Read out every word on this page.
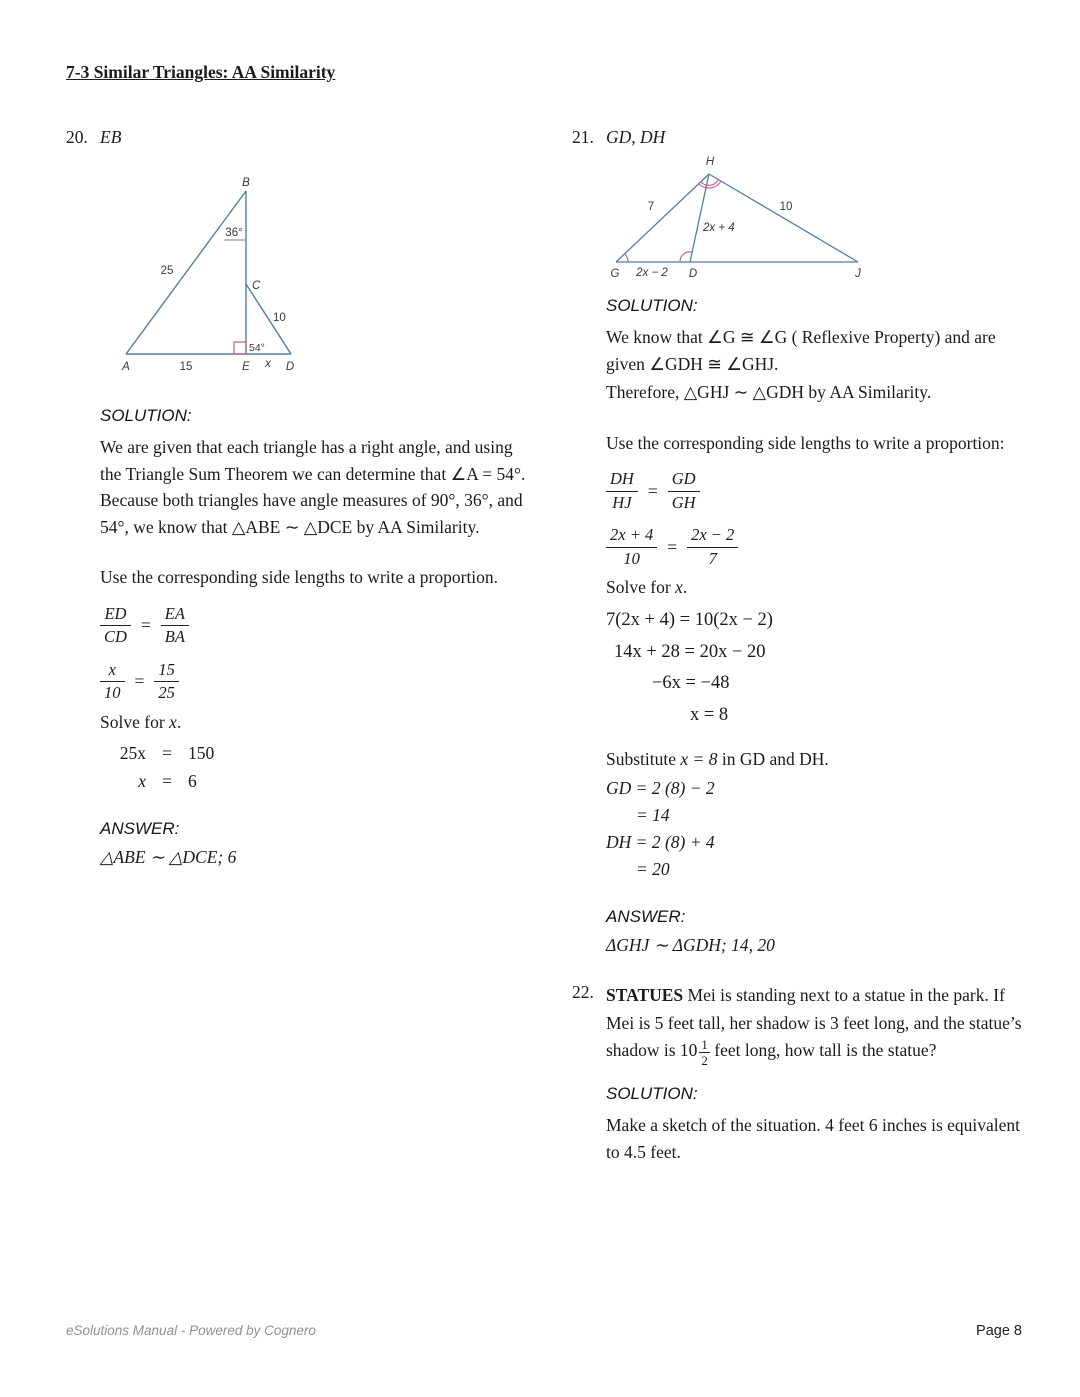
7-3 Similar Triangles: AA Similarity
20. EB
B
36°
25
C
10
54°
A	15	E x D
SOLUTION:
We are given that each triangle has a right angle, and using the Triangle Sum Theorem we can determine that ∠A = 54°. Because both triangles have angle measures of 90°, 36°, and 54°, we know that △ABE ∼ △DCE by AA Similarity.
Use the corresponding side lengths to write a proportion.
$\frac{ED}{CD} = \frac{EA}{BA}$
$\frac{x}{10} = \frac{15}{25}$
Solve for x.
25x = 150
x = 6
ANSWER:
△ABE ∼ △DCE; 6
21. GD, DH
H
7	10
2x + 4
G 2x − 2 D	J
SOLUTION:
We know that ∠G ≅ ∠G ( Reflexive Property) and are given ∠GDH ≅ ∠GHJ.
Therefore, △GHJ ∼ △GDH by AA Similarity.
Use the corresponding side lengths to write a proportion:
$\frac{DH}{HJ} = \frac{GD}{GH}$
$\frac{2x + 4}{10} = \frac{2x - 2}{7}$
Solve for x.
7(2x + 4) = 10(2x − 2)
14x + 28 = 20x − 20
−6x = −48
x = 8
Substitute x = 8 in GD and DH.
GD = 2 (8) − 2
= 14
DH = 2 (8) + 4
= 20
ANSWER:
ΔGHJ ∼ ΔGDH; 14, 20
22. STATUES Mei is standing next to a statue in the park. If Mei is 5 feet tall, her shadow is 3 feet long, and the statue’s shadow is $10 \frac{1}{2}$ feet long, how tall is the statue?
SOLUTION:
Make a sketch of the situation. 4 feet 6 inches is equivalent to 4.5 feet.
eSolutions Manual - Powered by Cognero	Page 8
